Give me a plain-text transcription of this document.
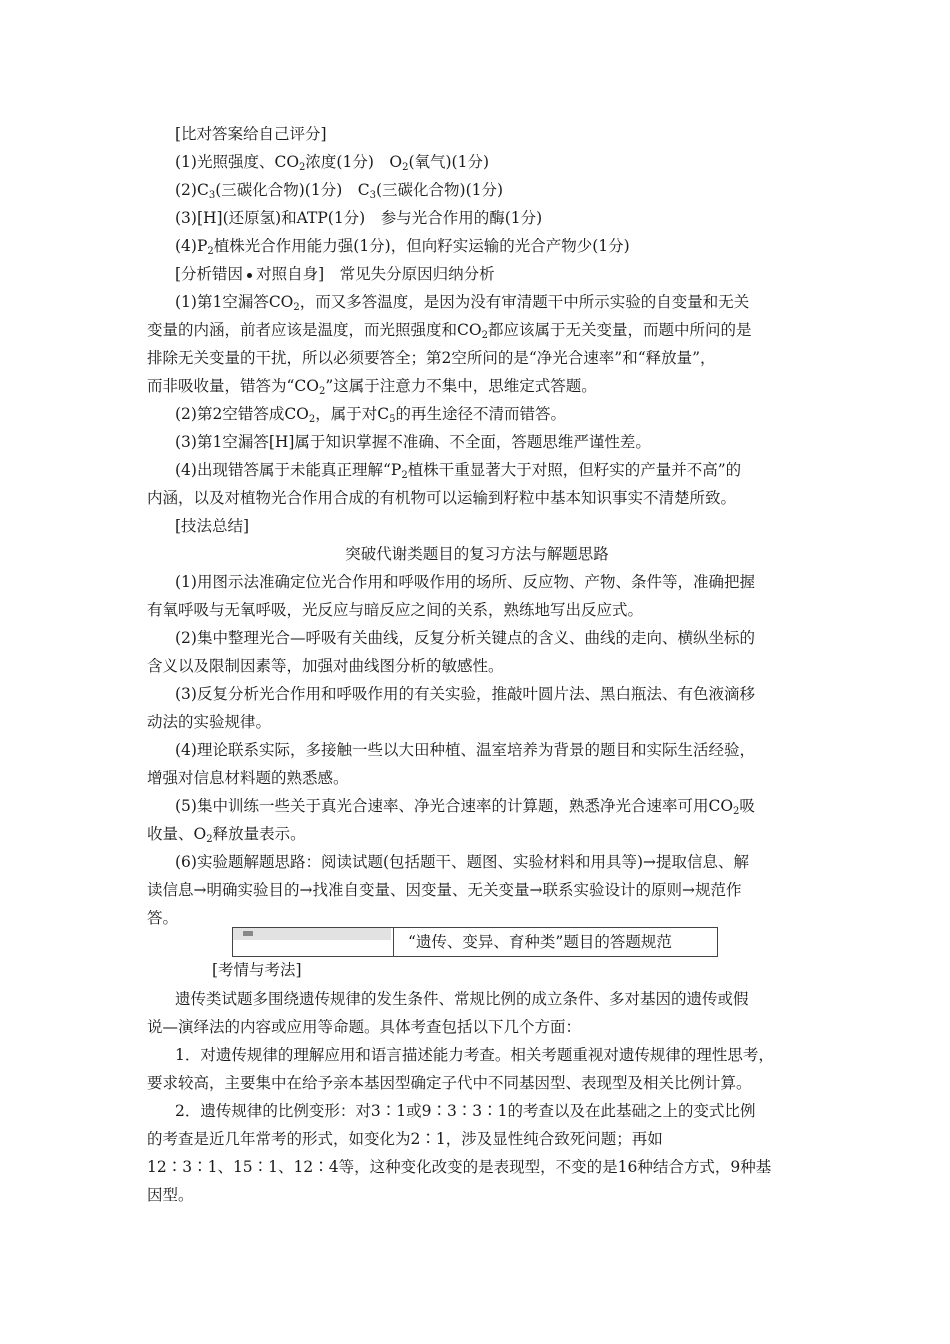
[比对答案给自己评分]
(1)光照强度、$CO_2$浓度(1分)　$O_2$(氧气)(1分)
$(2)C_3$(三碳化合物)(1分)　$C_3$(三碳化合物)(1分)
(3)[H](还原氢)和ATP(1分)　参与光合作用的酶(1分)
$(4)P_2$植株光合作用能力强(1分)，但向籽实运输的光合产物少(1分)
[分析错因 对照自身]　常见失分原因归纳分析
(1)第1空漏答$CO_2$，而又多答温度，是因为没有审清题干中所示实验的自变量和无关
变量的内涵，前者应该是温度，而光照强度和$CO_2$都应该属于无关变量，而题中所问的是
排除无关变量的干扰，所以必须要答全；第2空所问的是“净光合速率”和“释放量”，
而非吸收量，错答为“$CO_2$”这属于注意力不集中，思维定式答题。
(2)第2空错答成$CO_2$，属于对$C_5$的再生途径不清而错答。
(3)第1空漏答[H]属于知识掌握不准确、不全面，答题思维严谨性差。
(4)出现错答属于未能真正理解“$P_2$植株干重显著大于对照，但籽实的产量并不高”的
内涵，以及对植物光合作用合成的有机物可以运输到籽粒中基本知识事实不清楚所致。
[技法总结]
突破代谢类题目的复习方法与解题思路
(1)用图示法准确定位光合作用和呼吸作用的场所、反应物、产物、条件等，准确把握
有氧呼吸与无氧呼吸，光反应与暗反应之间的关系，熟练地写出反应式。
(2)集中整理光合—呼吸有关曲线，反复分析关键点的含义、曲线的走向、横纵坐标的
含义以及限制因素等，加强对曲线图分析的敏感性。
(3)反复分析光合作用和呼吸作用的有关实验，推敲叶圆片法、黑白瓶法、有色液滴移
动法的实验规律。
(4)理论联系实际，多接触一些以大田种植、温室培养为背景的题目和实际生活经验，
增强对信息材料题的熟悉感。
(5)集中训练一些关于真光合速率、净光合速率的计算题，熟悉净光合速率可用$CO_2$吸
收量、$O_2$释放量表示。
(6)实验题解题思路：阅读试题(包括题干、题图、实验材料和用具等)→提取信息、解
读信息→明确实验目的→找准自变量、因变量、无关变量→联系实验设计的原则→规范作
答。
“遗传、变异、育种类”题目的答题规范
[考情与考法]
遗传类试题多围绕遗传规律的发生条件、常规比例的成立条件、多对基因的遗传或假
说—演绎法的内容或应用等命题。具体考查包括以下几个方面：
1．对遗传规律的理解应用和语言描述能力考查。相关考题重视对遗传规律的理性思考，
要求较高，主要集中在给予亲本基因型确定子代中不同基因型、表现型及相关比例计算。
2．遗传规律的比例变形：对3∶1或9∶3∶3∶1的考查以及在此基础之上的变式比例
的考查是近几年常考的形式，如变化为2∶1，涉及显性纯合致死问题；再如
12∶3∶1、15∶1、12∶4等，这种变化改变的是表现型，不变的是16种结合方式，9种基
因型。
